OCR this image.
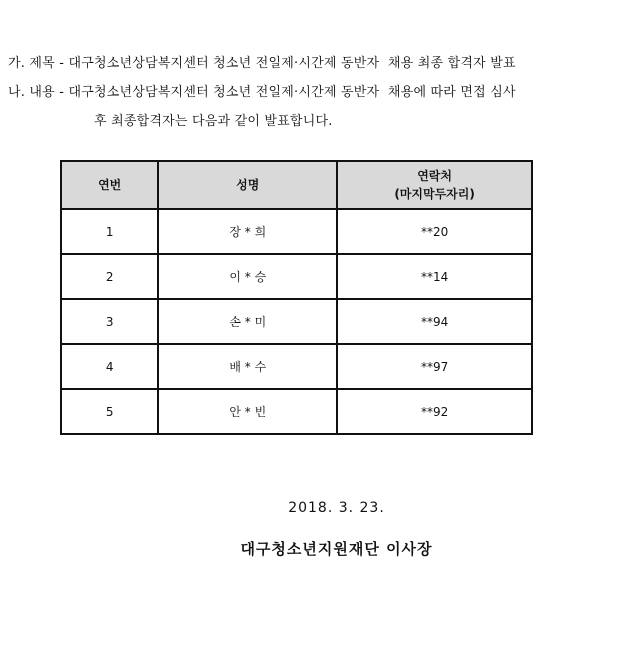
가. 제목 - 대구청소년상담복지센터 청소년 전일제·시간제 동반자  채용 최종 합격자 발표
나. 내용 - 대구청소년상담복지센터 청소년 전일제·시간제 동반자  채용에 따라 면접 심사
후 최종합격자는 다음과 같이 발표합니다.
연번	성명	연락처
(마지막두자리)

1	장 * 희	**20
2	이 * 승	**14
3	손 * 미	**94
4	배 * 수	**97
5	안 * 빈	**92
2018. 3. 23.
대구청소년지원재단 이사장
